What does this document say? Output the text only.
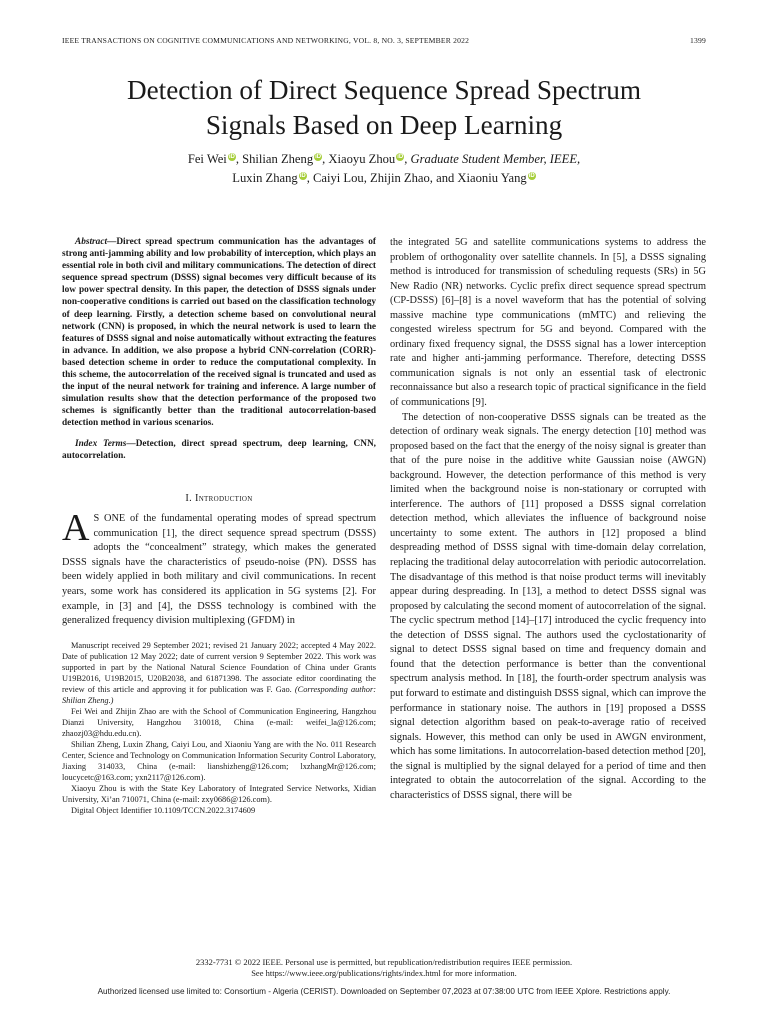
IEEE TRANSACTIONS ON COGNITIVE COMMUNICATIONS AND NETWORKING, VOL. 8, NO. 3, SEPTEMBER 2022	1399
Detection of Direct Sequence Spread Spectrum
Signals Based on Deep Learning
Fei Wei iD, Shilian Zheng iD, Xiaoyu Zhou iD, Graduate Student Member, IEEE,
Luxin Zhang iD, Caiyi Lou, Zhijin Zhao, and Xiaoniu Yang iD

Abstract—Direct spread spectrum communication has the advantages of strong anti-jamming ability and low probability of interception, which plays an essential role in both civil and military communications. The detection of direct sequence spread spectrum (DSSS) signal becomes very difficult because of its low power spectral density. In this paper, the detection of DSSS signals under non-cooperative conditions is carried out based on the classification technology of deep learning. Firstly, a detection scheme based on convolutional neural network (CNN) is proposed, in which the neural network is used to learn the features of DSSS signal and noise automatically without extracting the features in advance. In addition, we also propose a hybrid CNN-correlation (CORR)-based detection scheme in order to reduce the computational complexity. In this scheme, the autocorrelation of the received signal is truncated and used as the input of the neural network for training and inference. A large number of simulation results show that the detection performance of the proposed two schemes is significantly better than the traditional autocorrelation-based detection method in various scenarios.

Index Terms—Detection, direct spread spectrum, deep learning, CNN, autocorrelation.

I. Introduction

A S ONE of the fundamental operating modes of spread spectrum communication [1], the direct sequence spread spectrum (DSSS) adopts the “concealment” strategy, which makes the generated DSSS signals have the characteristics of pseudo-noise (PN). DSSS has been widely applied in both military and civil communications. In recent years, some work has considered its application in 5G systems [2]. For example, in [3] and [4], the DSSS technology is combined with the generalized frequency division multiplexing (GFDM) in

Manuscript received 29 September 2021; revised 21 January 2022; accepted 4 May 2022. Date of publication 12 May 2022; date of current version 9 September 2022. This work was supported in part by the National Natural Science Foundation of China under Grants U19B2016, U19B2015, U20B2038, and 61871398. The associate editor coordinating the review of this article and approving it for publication was F. Gao. (Corresponding author: Shilian Zheng.)

Fei Wei and Zhijin Zhao are with the School of Communication Engineering, Hangzhou Dianzi University, Hangzhou 310018, China (e-mail: weifei_la@126.com; zhaozj03@hdu.edu.cn).

Shilian Zheng, Luxin Zhang, Caiyi Lou, and Xiaoniu Yang are with the No. 011 Research Center, Science and Technology on Communication Information Security Control Laboratory, Jiaxing 314033, China (e-mail: lianshizheng@126.com; lxzhangMr@126.com; loucycetc@163.com; yxn2117@126.com).

Xiaoyu Zhou is with the State Key Laboratory of Integrated Service Networks, Xidian University, Xi’an 710071, China (e-mail: zxy0686@126.com).

Digital Object Identifier 10.1109/TCCN.2022.3174609

the integrated 5G and satellite communications systems to address the problem of orthogonality over satellite channels. In [5], a DSSS signaling method is introduced for transmission of scheduling requests (SRs) in 5G New Radio (NR) networks. Cyclic prefix direct sequence spread spectrum (CP-DSSS) [6]–[8] is a novel waveform that has the potential of solving massive machine type communications (mMTC) and relieving the congested wireless spectrum for 5G and beyond. Compared with the ordinary fixed frequency signal, the DSSS signal has a lower interception rate and higher anti-jamming performance. Therefore, detecting DSSS communication signals is not only an essential task of electronic reconnaissance but also a research topic of practical significance in the field of communications [9].

The detection of non-cooperative DSSS signals can be treated as the detection of ordinary weak signals. The energy detection [10] method was proposed based on the fact that the energy of the noisy signal is greater than that of the pure noise in the additive white Gaussian noise (AWGN) background. However, the detection performance of this method is very limited when the background noise is non-stationary or corrupted with interference. The authors of [11] proposed a DSSS signal correlation detection method, which alleviates the influence of background noise uncertainty to some extent. The authors in [12] proposed a blind despreading method of DSSS signal with time-domain delay correlation, replacing the traditional delay autocorrelation with periodic autocorrelation. The disadvantage of this method is that noise product terms will inevitably appear during despreading. In [13], a method to detect DSSS signal was proposed by calculating the second moment of autocorrelation of the signal. The cyclic spectrum method [14]–[17] introduced the cyclic frequency into the detection of DSSS signal. The authors used the cyclostationarity of signal to detect DSSS signal based on time and frequency domain and found that the detection performance is better than the conventional spectrum analysis method. In [18], the fourth-order spectrum analysis was put forward to estimate and distinguish DSSS signal, which can improve the performance in stationary noise. The authors in [19] proposed a DSSS signal detection algorithm based on peak-to-average ratio of received signals. However, this method can only be used in AWGN environment, which has some limitations. In autocorrelation-based detection method [20], the signal is multiplied by the signal delayed for a period of time and then integrated to obtain the autocorrelation of the signal. According to the characteristics of DSSS signal, there will be

2332-7731 © 2022 IEEE. Personal use is permitted, but republication/redistribution requires IEEE permission.
See https://www.ieee.org/publications/rights/index.html for more information.
Authorized licensed use limited to: Consortium - Algeria (CERIST). Downloaded on September 07,2023 at 07:38:00 UTC from IEEE Xplore. Restrictions apply.
